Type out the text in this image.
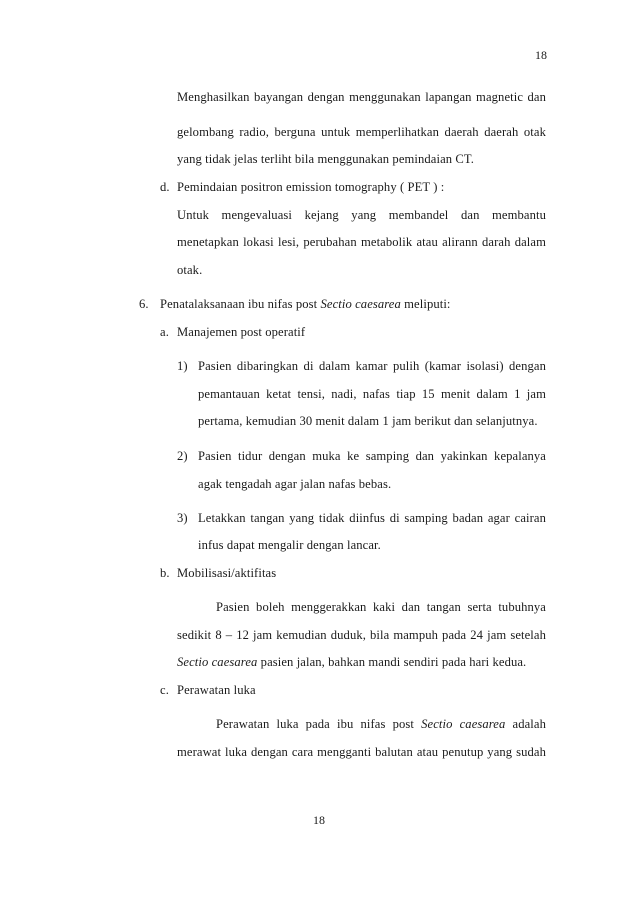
18
Menghasilkan bayangan dengan menggunakan lapangan magnetic dan
gelombang radio, berguna untuk memperlihatkan daerah daerah otak
yang tidak jelas terliht bila menggunakan pemindaian CT.
d. Pemindaian positron emission tomography ( PET ) :
Untuk mengevaluasi kejang yang membandel dan membantu
menetapkan lokasi lesi, perubahan metabolik atau alirann darah dalam
otak.
6. Penatalaksanaan ibu nifas post Sectio caesarea meliputi:
a. Manajemen post operatif
1) Pasien dibaringkan di dalam kamar pulih (kamar isolasi) dengan
pemantauan ketat tensi, nadi, nafas tiap 15 menit dalam 1 jam
pertama, kemudian 30 menit dalam 1 jam berikut dan selanjutnya.
2) Pasien tidur dengan muka ke samping dan yakinkan kepalanya
agak tengadah agar jalan nafas bebas.
3) Letakkan tangan yang tidak diinfus di samping badan agar cairan
infus dapat mengalir dengan lancar.
b. Mobilisasi/aktifitas
Pasien boleh menggerakkan kaki dan tangan serta tubuhnya
sedikit 8 – 12 jam kemudian duduk, bila mampuh pada 24 jam setelah
Sectio caesarea pasien jalan, bahkan mandi sendiri pada hari kedua.
c. Perawatan luka
Perawatan luka pada ibu nifas post Sectio caesarea adalah
merawat luka dengan cara mengganti balutan atau penutup yang sudah
18
